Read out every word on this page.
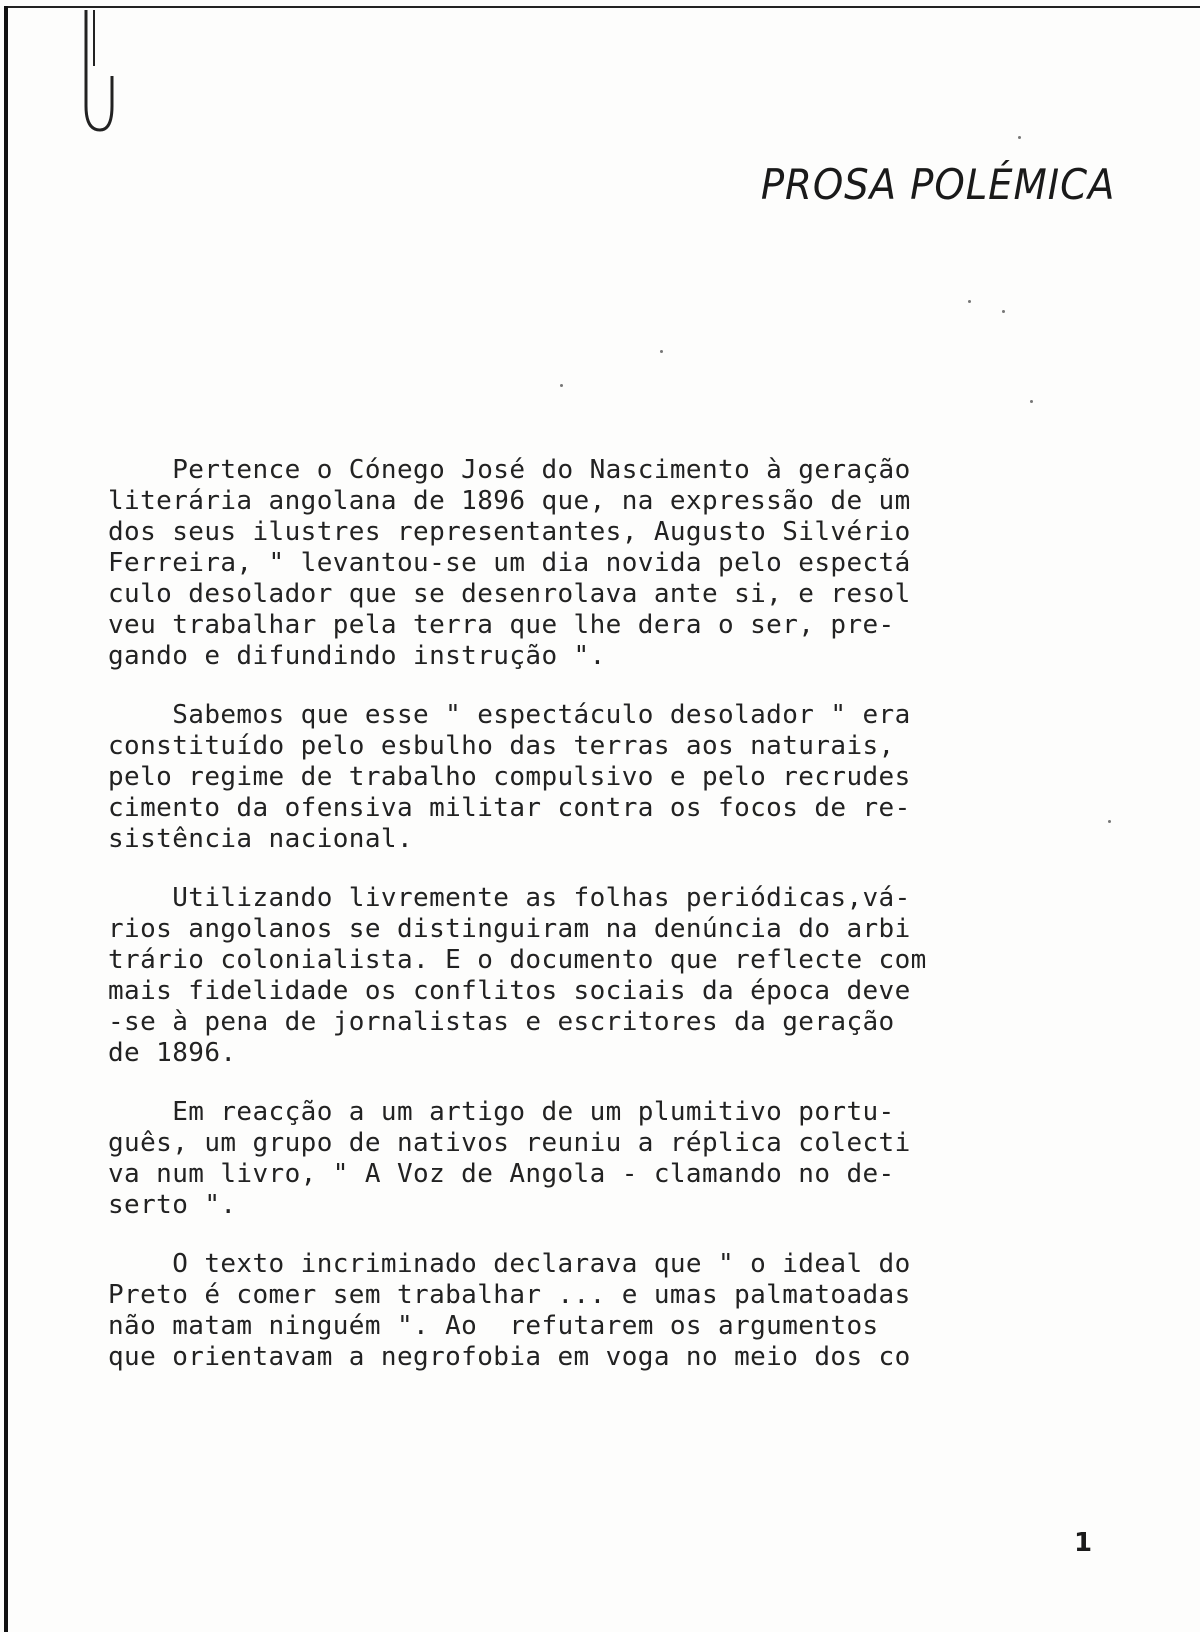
PROSA POLÉMICA
Pertence o Cónego José do Nascimento à geração
literária angolana de 1896 que, na expressão de um
dos seus ilustres representantes, Augusto Silvério
Ferreira, " levantou-se um dia novida pelo espectá
culo desolador que se desenrolava ante si, e resol
veu trabalhar pela terra que lhe dera o ser, pre-
gando e difundindo instrução ".
Sabemos que esse " espectáculo desolador " era
constituído pelo esbulho das terras aos naturais,
pelo regime de trabalho compulsivo e pelo recrudes
cimento da ofensiva militar contra os focos de re-
sistência nacional.
Utilizando livremente as folhas periódicas,vá-
rios angolanos se distinguiram na denúncia do arbi
trário colonialista. E o documento que reflecte com
mais fidelidade os conflitos sociais da época deve
-se à pena de jornalistas e escritores da geração
de 1896.
Em reacção a um artigo de um plumitivo portu-
guês, um grupo de nativos reuniu a réplica colecti
va num livro, " A Voz de Angola - clamando no de-
serto ".
O texto incriminado declarava que " o ideal do
Preto é comer sem trabalhar ... e umas palmatoadas
não matam ninguém ". Ao  refutarem os argumentos
que orientavam a negrofobia em voga no meio dos co
1
